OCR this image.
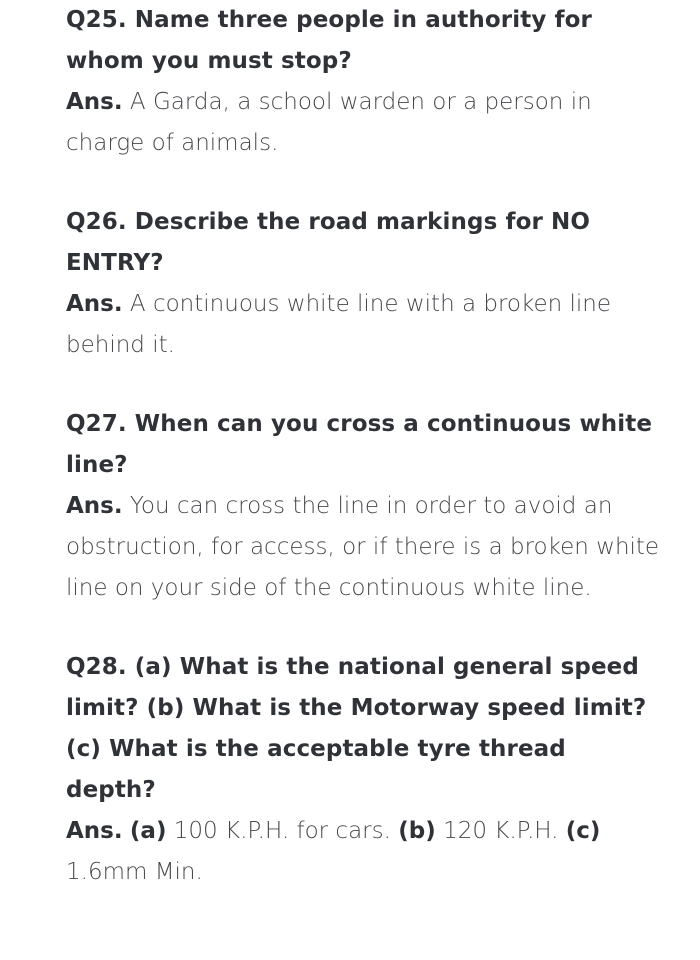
Q25. Name three people in authority for whom you must stop?
Ans. A Garda, a school warden or a person in charge of animals.
Q26. Describe the road markings for NO ENTRY?
Ans. A continuous white line with a broken line behind it.
Q27. When can you cross a continuous white line?
Ans. You can cross the line in order to avoid an obstruction, for access, or if there is a broken white line on your side of the continuous white line.
Q28. (a) What is the national general speed limit? (b) What is the Motorway speed limit? (c) What is the acceptable tyre thread depth?
Ans. (a) 100 K.P.H. for cars. (b) 120 K.P.H. (c) 1.6mm Min.
